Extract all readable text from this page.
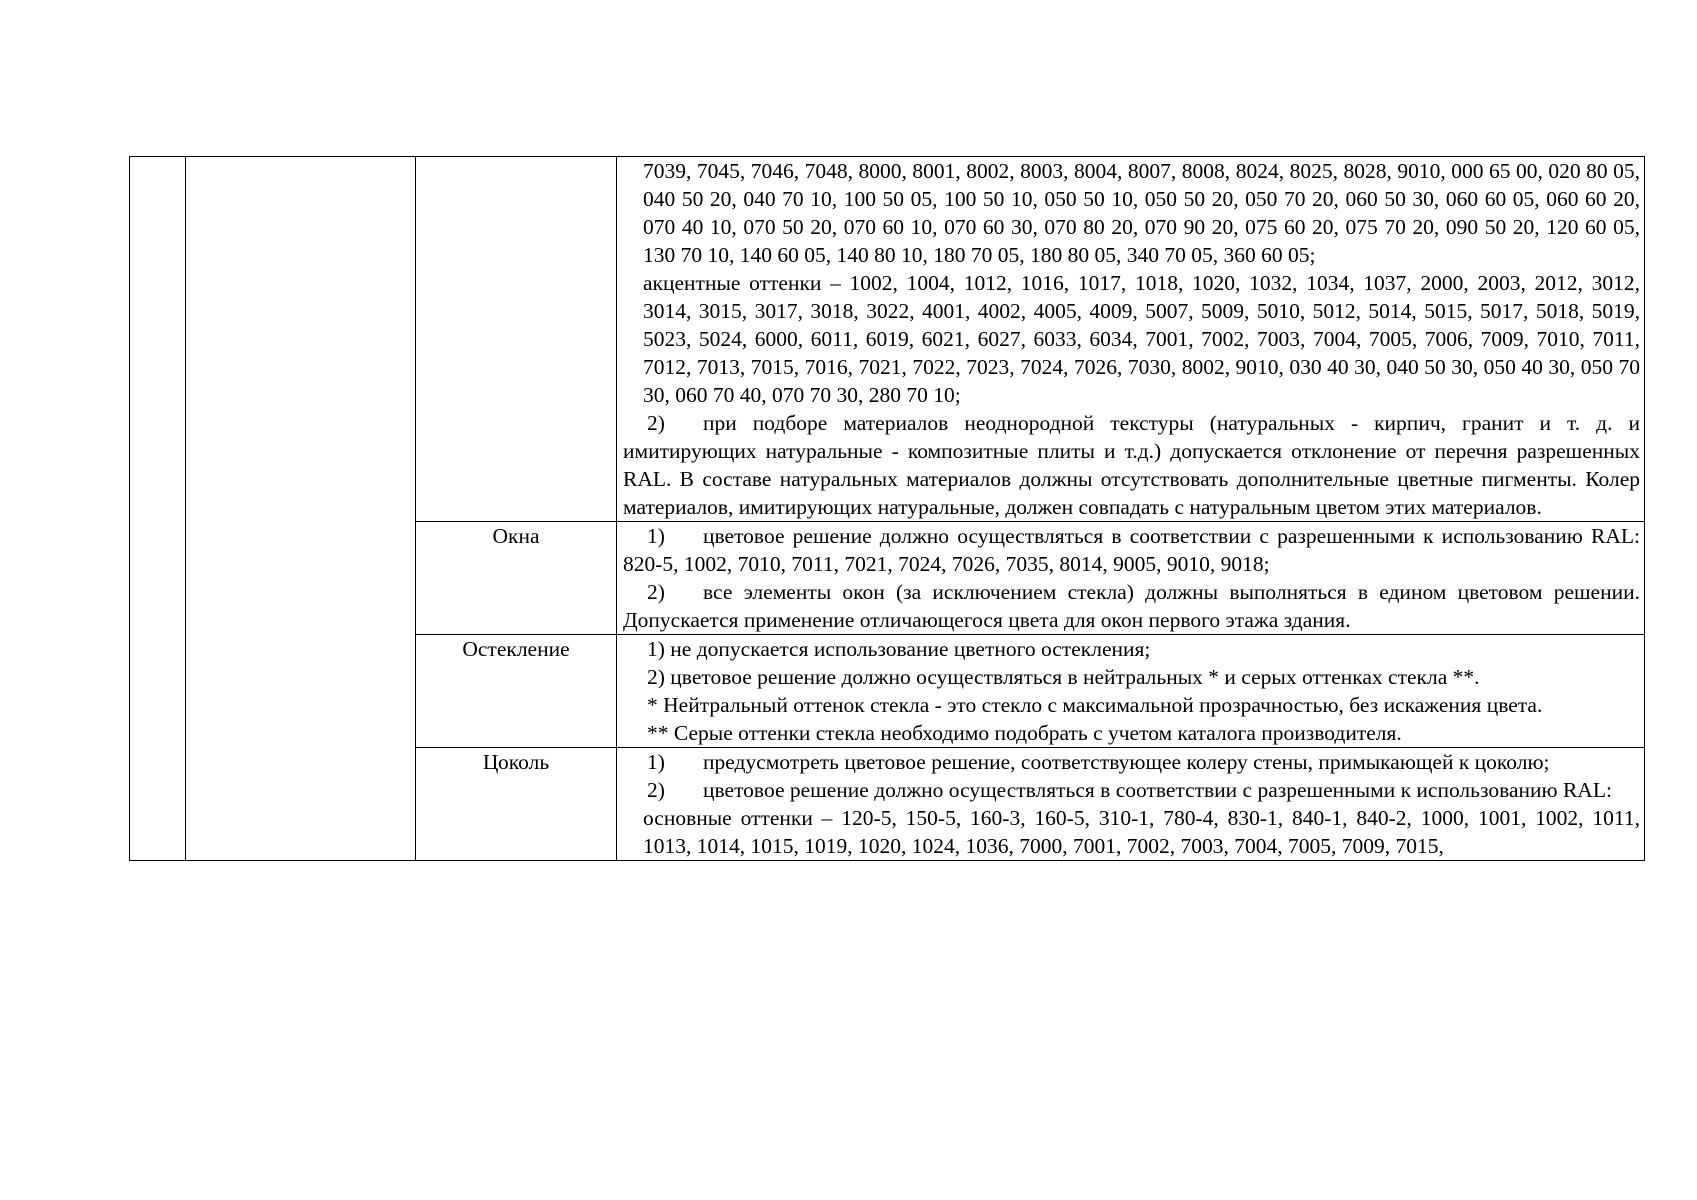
			7039, 7045, 7046, 7048, 8000, 8001, 8002, 8003, 8004, 8007, 8008, 8024, 8025, 8028, 9010, 000 65 00, 020 80 05, 040 50 20, 040 70 10, 100 50 05, 100 50 10, 050 50 10, 050 50 20, 050 70 20, 060 50 30, 060 60 05, 060 60 20, 070 40 10, 070 50 20, 070 60 10, 070 60 30, 070 80 20, 070 90 20, 075 60 20, 075 70 20, 090 50 20, 120 60 05, 130 70 10, 140 60 05, 140 80 10, 180 70 05, 180 80 05, 340 70 05, 360 60 05;

акцентные оттенки – 1002, 1004, 1012, 1016, 1017, 1018, 1020, 1032, 1034, 1037, 2000, 2003, 2012, 3012, 3014, 3015, 3017, 3018, 3022, 4001, 4002, 4005, 4009, 5007, 5009, 5010, 5012, 5014, 5015, 5017, 5018, 5019, 5023, 5024, 6000, 6011, 6019, 6021, 6027, 6033, 6034, 7001, 7002, 7003, 7004, 7005, 7006, 7009, 7010, 7011, 7012, 7013, 7015, 7016, 7021, 7022, 7023, 7024, 7026, 7030, 8002, 9010, 030 40 30, 040 50 30, 050 40 30, 050 70 30, 060 70 40, 070 70 30, 280 70 10;

2) при подборе материалов неоднородной текстуры (натуральных - кирпич, гранит и т. д. и имитирующих натуральные - композитные плиты и т.д.) допускается отклонение от перечня разрешенных RAL. В составе натуральных материалов должны отсутствовать дополнительные цветные пигменты. Колер материалов, имитирующих натуральные, должен совпадать с натуральным цветом этих материалов.

		Окна	1) цветовое решение должно осуществляться в соответствии с разрешенными к использованию RAL: 820-5, 1002, 7010, 7011, 7021, 7024, 7026, 7035, 8014, 9005, 9010, 9018;

2) все элементы окон (за исключением стекла) должны выполняться в едином цветовом решении. Допускается применение отличающегося цвета для окон первого этажа здания.

		Остекление	1) не допускается использование цветного остекления;

2) цветовое решение должно осуществляться в нейтральных * и серых оттенках стекла **.

* Нейтральный оттенок стекла - это стекло с максимальной прозрачностью, без искажения цвета.

** Серые оттенки стекла необходимо подобрать с учетом каталога производителя.

		Цоколь	1) предусмотреть цветовое решение, соответствующее колеру стены, примыкающей к цоколю;

2) цветовое решение должно осуществляться в соответствии с разрешенными к использованию RAL:

основные оттенки – 120-5, 150-5, 160-3, 160-5, 310-1, 780-4, 830-1, 840-1, 840-2, 1000, 1001, 1002, 1011, 1013, 1014, 1015, 1019, 1020, 1024, 1036, 7000, 7001, 7002, 7003, 7004, 7005, 7009, 7015,
